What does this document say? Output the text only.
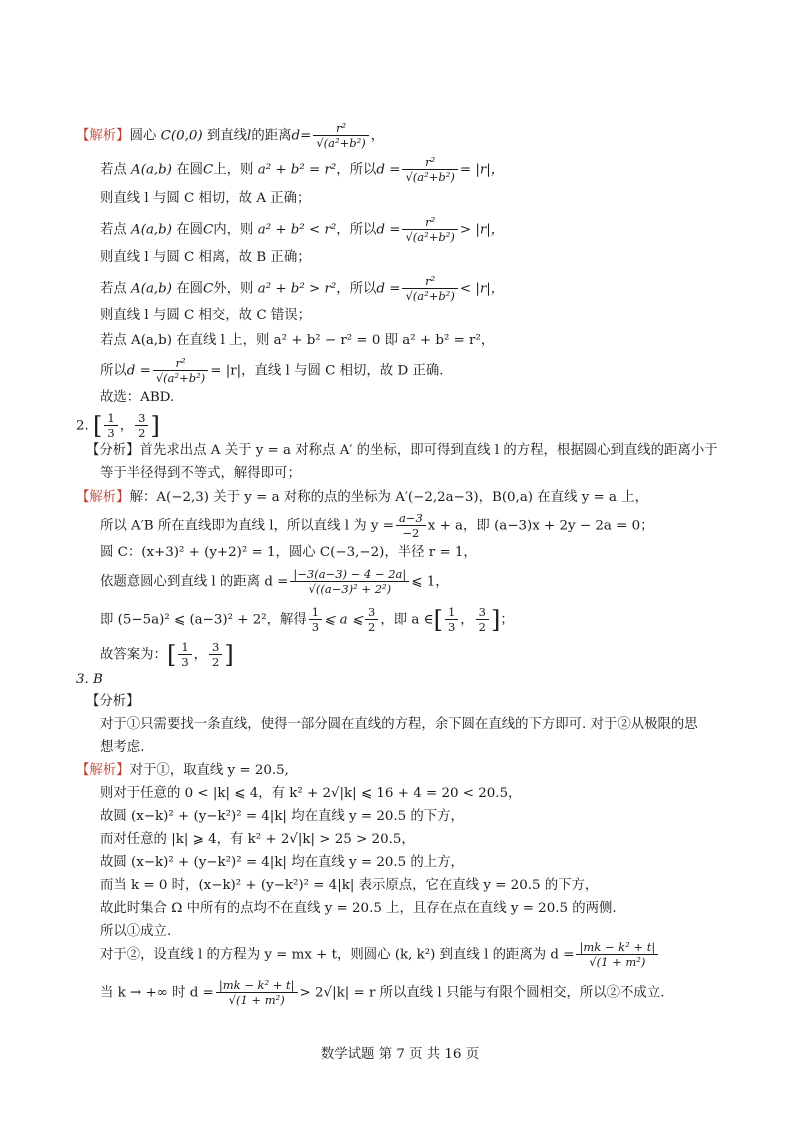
【解析】圆心 C(0,0) 到直线l的距离$d= \frac{\text{r²}}{\text{√(a²+b²)}}$ ，
若点 A(a,b) 在圆C上，则 a² + b² = r²，所以$d = \frac{\text{r²}}{\text{√(a²+b²)}} = |r|$，
则直线 l 与圆 C 相切，故 A 正确；
若点 A(a,b) 在圆C内，则 a² + b² < r²，所以$d = \frac{\text{r²}}{\text{√(a²+b²)}} > |r|$，
则直线 l 与圆 C 相离，故 B 正确；
若点 A(a,b) 在圆C外，则 a² + b² > r²，所以$d = \frac{\text{r²}}{\text{√(a²+b²)}} < |r|$，
则直线 l 与圆 C 相交，故 C 错误；
若点 A(a,b) 在直线 l 上，则 a² + b² − r² = 0 即 a² + b² = r²，
所以$d = \frac{\text{r²}}{\text{√(a²+b²)}} = |r|$，直线 l 与圆 C 相切，故 D 正确.
故选：ABD.
2. [ $\frac{1}{3}$ ， $\frac{3}{2}$ ]
【分析】首先求出点 A 关于 y = a 对称点 A′ 的坐标，即可得到直线 l 的方程，根据圆心到直线的距离小于
等于半径得到不等式，解得即可；
【解析】解：A(−2,3) 关于 y = a 对称的点的坐标为 A′(−2,2a−3)，B(0,a) 在直线 y = a 上，
所以 A′B 所在直线即为直线 l，所以直线 l 为 $y = \frac{a-3}{-2}$ x + a，即 (a−3)x + 2y − 2a = 0；
圆 C：(x+3)² + (y+2)² = 1，圆心 C(−3,−2)，半径 r = 1，
依题意圆心到直线 l 的距离 $d = \frac{|-3(a-3) - 4 - 2a|}{\text{√((a−3)² + 2²)}}$ ⩽ 1，
即 (5−5a)² ⩽ (a−3)² + 2²，解得 $\frac{1}{3}$ ⩽ a ⩽ $\frac{3}{2}$ ，即 a ∈[ $\frac{1}{3}$ ， $\frac{3}{2}$ ]；
故答案为：[ $\frac{1}{3}$ ， $\frac{3}{2}$ ]
3. B
【分析】
对于①只需要找一条直线，使得一部分圆在直线的方程，余下圆在直线的下方即可. 对于②从极限的思
想考虑.
【解析】对于①，取直线 y = 20.5,
则对于任意的 0 < |k| ⩽ 4，有 k² + 2√|k| ⩽ 16 + 4 = 20 < 20.5，
故圆 (x−k)² + (y−k²)² = 4|k| 均在直线 y = 20.5 的下方，
而对任意的 |k| ⩾ 4，有 k² + 2√|k| > 25 > 20.5，
故圆 (x−k)² + (y−k²)² = 4|k| 均在直线 y = 20.5 的上方，
而当 k = 0 时，(x−k)² + (y−k²)² = 4|k| 表示原点，它在直线 y = 20.5 的下方，
故此时集合 Ω 中所有的点均不在直线 y = 20.5 上，且存在点在直线 y = 20.5 的两侧.
所以①成立.
对于②，设直线 l 的方程为 y = mx + t，则圆心 (k, k²) 到直线 l 的距离为 $d = \frac{\text{|mk − k² + t|}}{\text{√(1 + m²)}}$
当 k → +∞ 时 $d = \frac{\text{|mk − k² + t|}}{\text{√(1 + m²)}} > 2√|k| = r$ 所以直线 l 只能与有限个圆相交，所以②不成立.
数学试题 第 7 页 共 16 页
